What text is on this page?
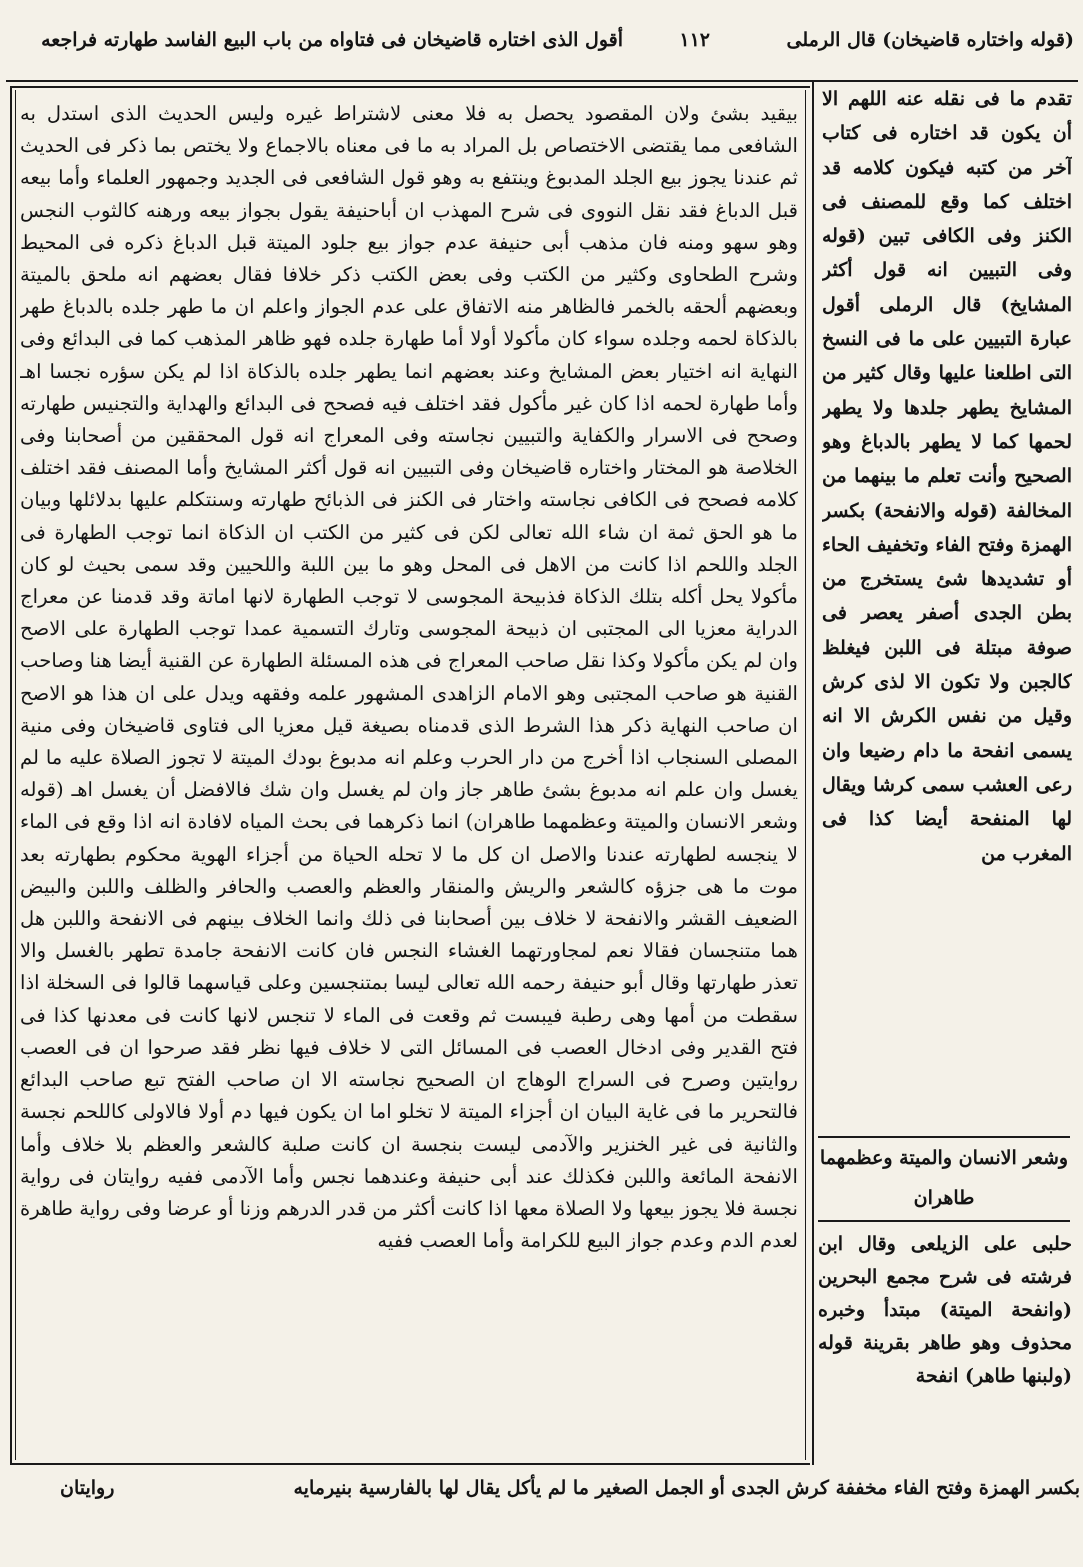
(قوله واختاره قاضيخان) قال الرملى
١١٢
أقول الذى اختاره قاضيخان فى فتاواه من باب البيع الفاسد طهارته فراجعه

بيقيد بشئ ولان المقصود يحصل به فلا معنى لاشتراط غيره وليس الحديث الذى استدل به الشافعى مما يقتضى الاختصاص بل المراد به ما فى معناه بالاجماع ولا يختص بما ذكر فى الحديث ثم عندنا يجوز بيع الجلد المدبوغ وينتفع به وهو قول الشافعى فى الجديد وجمهور العلماء وأما بيعه قبل الدباغ فقد نقل النووى فى شرح المهذب ان أباحنيفة يقول بجواز بيعه ورهنه كالثوب النجس وهو سهو ومنه فان مذهب أبى حنيفة عدم جواز بيع جلود الميتة قبل الدباغ ذكره فى المحيط وشرح الطحاوى وكثير من الكتب وفى بعض الكتب ذكر خلافا فقال بعضهم انه ملحق بالميتة وبعضهم ألحقه بالخمر فالظاهر منه الاتفاق على عدم الجواز واعلم ان ما طهر جلده بالدباغ طهر بالذكاة لحمه وجلده سواء كان مأكولا أولا أما طهارة جلده فهو ظاهر المذهب كما فى البدائع وفى النهاية انه اختيار بعض المشايخ وعند بعضهم انما يطهر جلده بالذكاة اذا لم يكن سؤره نجسا اهـ وأما طهارة لحمه اذا كان غير مأكول فقد اختلف فيه فصحح فى البدائع والهداية والتجنيس طهارته وصحح فى الاسرار والكفاية والتبيين نجاسته وفى المعراج انه قول المحققين من أصحابنا وفى الخلاصة هو المختار واختاره قاضيخان وفى التبيين انه قول أكثر المشايخ وأما المصنف فقد اختلف كلامه فصحح فى الكافى نجاسته واختار فى الكنز فى الذبائح طهارته وسنتكلم عليها بدلائلها وبيان ما هو الحق ثمة ان شاء الله تعالى لكن فى كثير من الكتب ان الذكاة انما توجب الطهارة فى الجلد واللحم اذا كانت من الاهل فى المحل وهو ما بين اللبة واللحيين وقد سمى بحيث لو كان مأكولا يحل أكله بتلك الذكاة فذبيحة المجوسى لا توجب الطهارة لانها اماتة وقد قدمنا عن معراج الدراية معزيا الى المجتبى ان ذبيحة المجوسى وتارك التسمية عمدا توجب الطهارة على الاصح وان لم يكن مأكولا وكذا نقل صاحب المعراج فى هذه المسئلة الطهارة عن القنية أيضا هنا وصاحب القنية هو صاحب المجتبى وهو الامام الزاهدى المشهور علمه وفقهه ويدل على ان هذا هو الاصح ان صاحب النهاية ذكر هذا الشرط الذى قدمناه بصيغة قيل معزيا الى فتاوى قاضيخان وفى منية المصلى السنجاب اذا أخرج من دار الحرب وعلم انه مدبوغ بودك الميتة لا تجوز الصلاة عليه ما لم يغسل وان علم انه مدبوغ بشئ طاهر جاز وان لم يغسل وان شك فالافضل أن يغسل اهـ (قوله وشعر الانسان والميتة وعظمهما طاهران) انما ذكرهما فى بحث المياه لافادة انه اذا وقع فى الماء لا ينجسه لطهارته عندنا والاصل ان كل ما لا تحله الحياة من أجزاء الهوية محكوم بطهارته بعد موت ما هى جزؤه كالشعر والريش والمنقار والعظم والعصب والحافر والظلف واللبن والبيض الضعيف القشر والانفحة لا خلاف بين أصحابنا فى ذلك وانما الخلاف بينهم فى الانفحة واللبن هل هما متنجسان فقالا نعم لمجاورتهما الغشاء النجس فان كانت الانفحة جامدة تطهر بالغسل والا تعذر طهارتها وقال أبو حنيفة رحمه الله تعالى ليسا بمتنجسين وعلى قياسهما قالوا فى السخلة اذا سقطت من أمها وهى رطبة فيبست ثم وقعت فى الماء لا تنجس لانها كانت فى معدنها كذا فى فتح القدير وفى ادخال العصب فى المسائل التى لا خلاف فيها نظر فقد صرحوا ان فى العصب روايتين وصرح فى السراج الوهاج ان الصحيح نجاسته الا ان صاحب الفتح تبع صاحب البدائع فالتحرير ما فى غاية البيان ان أجزاء الميتة لا تخلو اما ان يكون فيها دم أولا فالاولى كاللحم نجسة والثانية فى غير الخنزير والآدمى ليست بنجسة ان كانت صلبة كالشعر والعظم بلا خلاف وأما الانفحة المائعة واللبن فكذلك عند أبى حنيفة وعندهما نجس وأما الآدمى ففيه روايتان فى رواية نجسة فلا يجوز بيعها ولا الصلاة معها اذا كانت أكثر من قدر الدرهم وزنا أو عرضا وفى رواية طاهرة لعدم الدم وعدم جواز البيع للكرامة وأما العصب ففيه

تقدم ما فى نقله عنه اللهم الا أن يكون قد اختاره فى كتاب آخر من كتبه فيكون كلامه قد اختلف كما وقع للمصنف فى الكنز وفى الكافى تبين (قوله وفى التبيين انه قول أكثر المشايخ) قال الرملى أقول عبارة التبيين على ما فى النسخ التى اطلعنا عليها وقال كثير من المشايخ يطهر جلدها ولا يطهر لحمها كما لا يطهر بالدباغ وهو الصحيح وأنت تعلم ما بينهما من المخالفة (قوله والانفحة) بكسر الهمزة وفتح الفاء وتخفيف الحاء أو تشديدها شئ يستخرج من بطن الجدى أصفر يعصر فى صوفة مبتلة فى اللبن فيغلظ كالجبن ولا تكون الا لذى كرش وقيل من نفس الكرش الا انه يسمى انفحة ما دام رضيعا وان رعى العشب سمى كرشا ويقال لها المنفحة أيضا كذا فى المغرب من

وشعر الانسان والميتة وعظمهما طاهران

حلبى على الزيلعى وقال ابن فرشته فى شرح مجمع البحرين (وانفحة الميتة) مبتدأ وخبره محذوف وهو طاهر بقرينة قوله (ولبنها طاهر) انفحة

بكسر الهمزة وفتح الفاء مخففة كرش الجدى أو الجمل الصغير ما لم يأكل يقال لها بالفارسية بنيرمايه
روايتان
